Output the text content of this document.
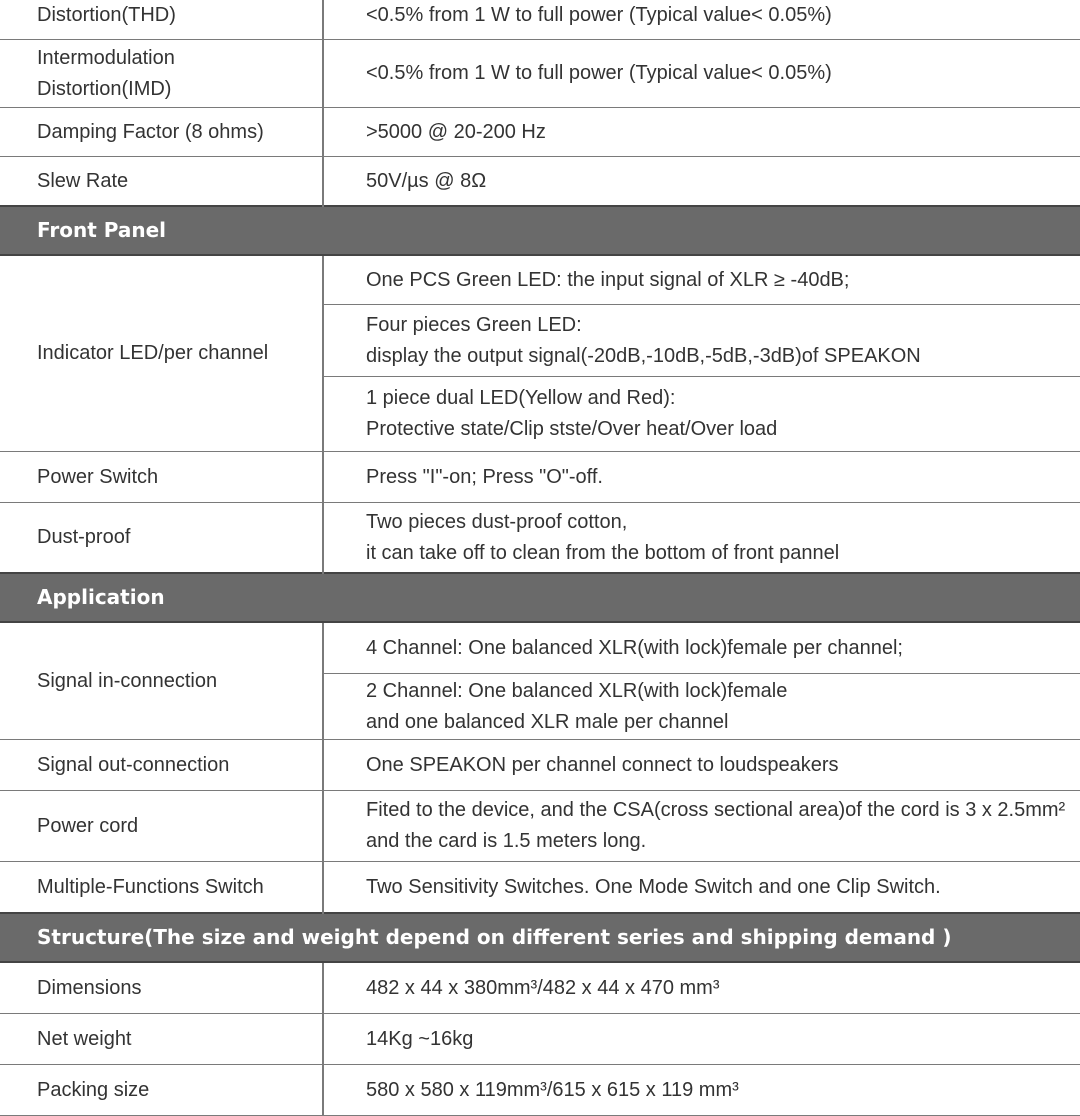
Distortion(THD)	<0.5% from 1 W to full power (Typical value< 0.05%)

Intermodulation
Distortion(IMD)	<0.5% from 1 W to full power (Typical value< 0.05%)

Damping Factor (8 ohms)	>5000 @ 20-200 Hz

Slew Rate	50V/µs @ 8Ω

Front Panel	

Indicator LED/per channel	One PCS Green LED: the input signal of XLR ≥ -40dB;

	Four pieces Green LED:
display the output signal(-20dB,-10dB,-5dB,-3dB)of SPEAKON

	1 piece dual LED(Yellow and Red):
Protective state/Clip stste/Over heat/Over load

Power Switch	Press "I"-on; Press "O"-off.

Dust-proof	Two pieces dust-proof cotton,
it can take off to clean from the bottom of front pannel

Application	

Signal in-connection	4 Channel: One balanced XLR(with lock)female per channel;

	2 Channel: One balanced XLR(with lock)female
and one balanced XLR male per channel

Signal out-connection	One SPEAKON per channel connect to loudspeakers

Power cord	Fited to the device, and the CSA(cross sectional area)of the cord is 3 x 2.5mm²
and the card is 1.5 meters long.

Multiple-Functions Switch	Two Sensitivity Switches. One Mode Switch and one Clip Switch.

Structure(The size and weight depend on different series and shipping demand )	

Dimensions	482 x 44 x 380mm³/482 x 44 x 470 mm³

Net weight	14Kg ~16kg

Packing size	580 x 580 x 119mm³/615 x 615 x 119 mm³
